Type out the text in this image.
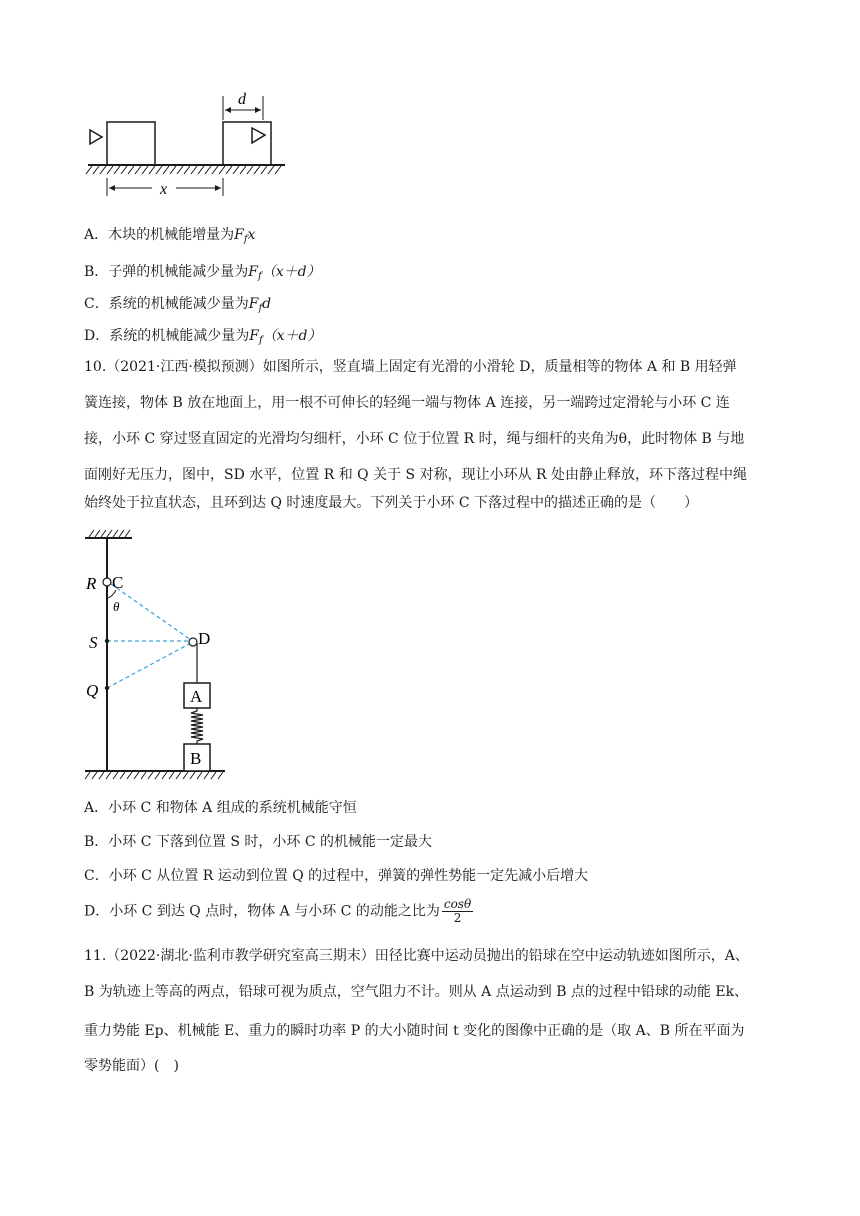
d
x
A．木块的机械能增量为$F_fx$
B．子弹的机械能减少量为$F_f(x+d)$
C．系统的机械能减少量为$F_fd$
D．系统的机械能减少量为$F_f(x+d)$
10.（2021·江西·模拟预测）如图所示，竖直墙上固定有光滑的小滑轮 D，质量相等的物体 A 和 B 用轻弹
簧连接，物体 B 放在地面上，用一根不可伸长的轻绳一端与物体 A 连接，另一端跨过定滑轮与小环 C 连
接，小环 C 穿过竖直固定的光滑均匀细杆，小环 C 位于位置 R 时，绳与细杆的夹角为θ，此时物体 B 与地
面刚好无压力，图中，SD 水平，位置 R 和 Q 关于 S 对称，现让小环从 R 处由静止释放，环下落过程中绳
始终处于拉直状态，且环到达 Q 时速度最大。下列关于小环 C 下落过程中的描述正确的是（　　）
R C
θ
S	D
Q	A
B
A．小环 C 和物体 A 组成的系统机械能守恒
B．小环 C 下落到位置 S 时，小环 C 的机械能一定最大
C．小环 C 从位置 R 运动到位置 Q 的过程中，弹簧的弹性势能一定先减小后增大
D．小环 C 到达 Q 点时，物体 A 与小环 C 的动能之比为 $\frac{\cos\theta}{2}$
11.（2022·湖北·监利市教学研究室高三期末）田径比赛中运动员抛出的铅球在空中运动轨迹如图所示，A、
B 为轨迹上等高的两点，铅球可视为质点，空气阻力不计。则从 A 点运动到 B 点的过程中铅球的动能 Ek、
重力势能 Ep、机械能 E、重力的瞬时功率 P 的大小随时间 t 变化的图像中正确的是（取 A、B 所在平面为
零势能面）(　)
